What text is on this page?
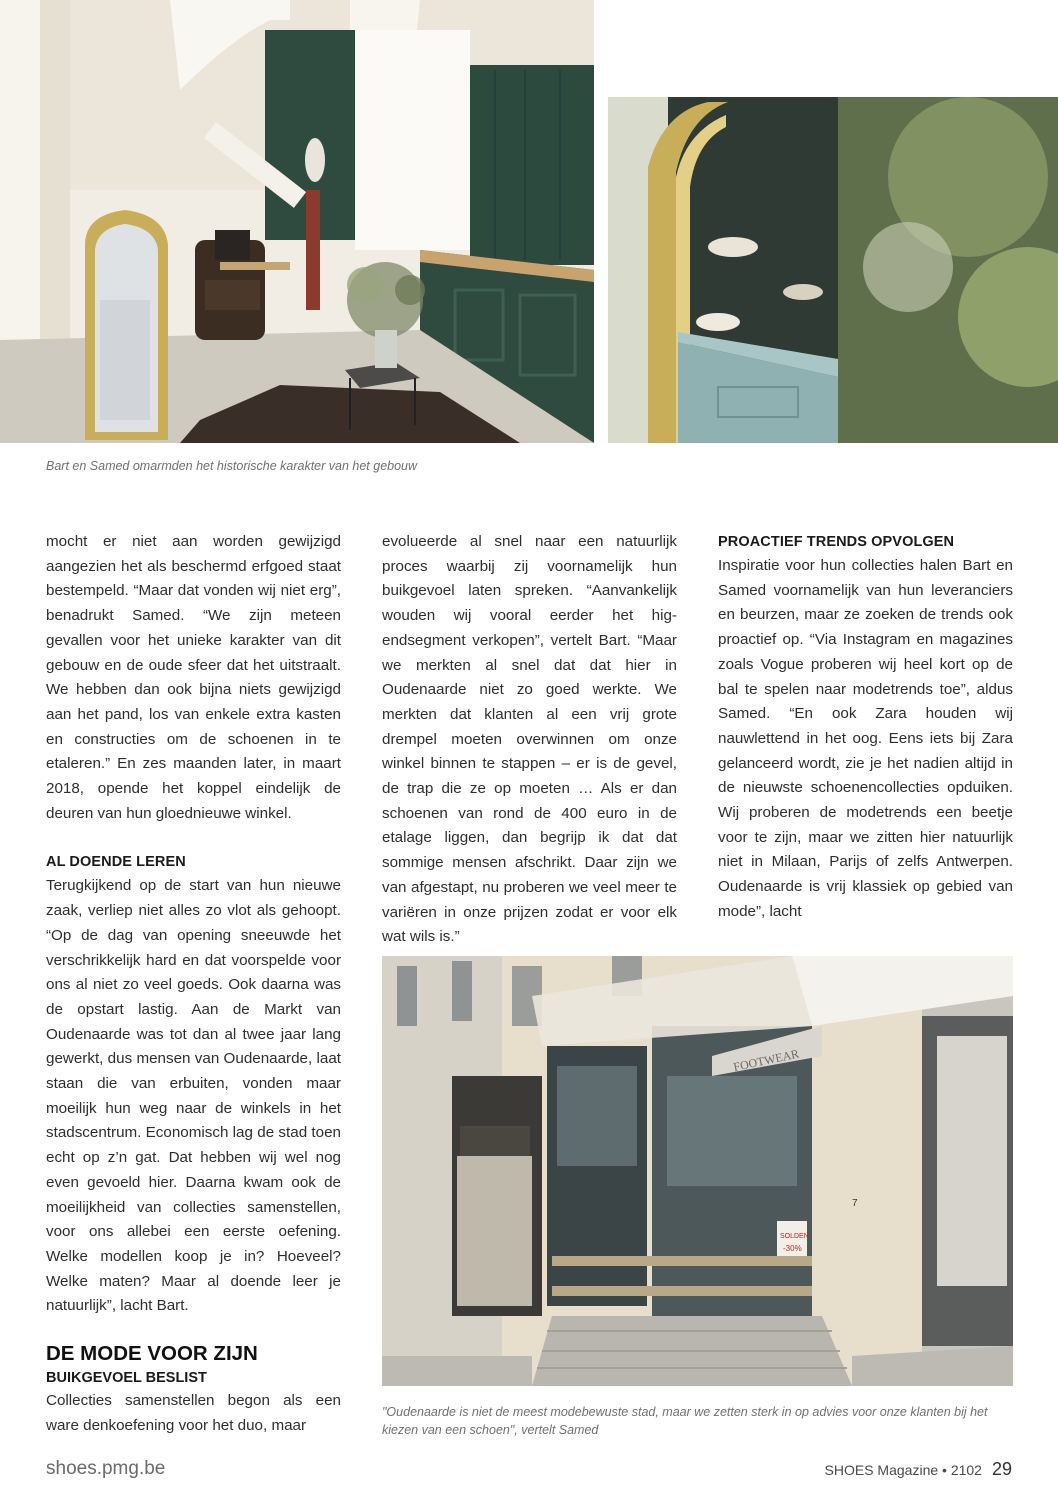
Bart en Samed omarmden het historische karakter van het gebouw

mocht er niet aan worden gewijzigd aangezien het als beschermd erfgoed staat bestempeld. “Maar dat vonden wij niet erg”, benadrukt Samed. “We zijn meteen gevallen voor het unieke karakter van dit gebouw en de oude sfeer dat het uitstraalt. We hebben dan ook bijna niets gewijzigd aan het pand, los van enkele extra kasten en constructies om de schoenen in te etaleren.” En zes maanden later, in maart 2018, opende het koppel eindelijk de deuren van hun gloednieuwe winkel.

AL DOENDE LEREN

Terugkijkend op de start van hun nieuwe zaak, verliep niet alles zo vlot als gehoopt. “Op de dag van opening sneeuwde het verschrikkelijk hard en dat voorspelde voor ons al niet zo veel goeds. Ook daarna was de opstart lastig. Aan de Markt van Oudenaarde was tot dan al twee jaar lang gewerkt, dus mensen van Oudenaarde, laat staan die van erbuiten, vonden maar moeilijk hun weg naar de winkels in het stadscentrum. Economisch lag de stad toen echt op z’n gat. Dat hebben wij wel nog even gevoeld hier. Daarna kwam ook de moeilijkheid van collecties samenstellen, voor ons allebei een eerste oefening. Welke modellen koop je in? Hoeveel? Welke maten? Maar al doende leer je natuurlijk”, lacht Bart.

DE MODE VOOR ZIJN
BUIKGEVOEL BESLIST

Collecties samenstellen begon als een ware denkoefening voor het duo, maar

evolueerde al snel naar een natuurlijk proces waarbij zij voornamelijk hun buikgevoel laten spreken. “Aanvankelijk wouden wij vooral eerder het hig-endsegment verkopen”, vertelt Bart. “Maar we merkten al snel dat dat hier in Oudenaarde niet zo goed werkte. We merkten dat klanten al een vrij grote drempel moeten overwinnen om onze winkel binnen te stappen – er is de gevel, de trap die ze op moeten … Als er dan schoenen van rond de 400 euro in de etalage liggen, dan begrijp ik dat dat sommige mensen afschrikt. Daar zijn we van afgestapt, nu proberen we veel meer te variëren in onze prijzen zodat er voor elk wat wils is.”

PROACTIEF TRENDS OPVOLGEN

Inspiratie voor hun collecties halen Bart en Samed voornamelijk van hun leveranciers en beurzen, maar ze zoeken de trends ook proactief op. “Via Instagram en magazines zoals Vogue proberen wij heel kort op de bal te spelen naar modetrends toe”, aldus Samed. “En ook Zara houden wij nauwlettend in het oog. Eens iets bij Zara gelanceerd wordt, zie je het nadien altijd in de nieuwste schoenencollecties opduiken. Wij proberen de modetrends een beetje voor te zijn, maar we zitten hier natuurlijk niet in Milaan, Parijs of zelfs Antwerpen. Oudenaarde is vrij klassiek op gebied van mode”, lacht

FOOTWEAR
SOLDEN
-30%
7

"Oudenaarde is niet de meest modebewuste stad, maar we zetten sterk in op advies voor onze klanten bij het kiezen van een schoen", vertelt Samed

shoes.pmg.be	SHOES Magazine • 2102 29
